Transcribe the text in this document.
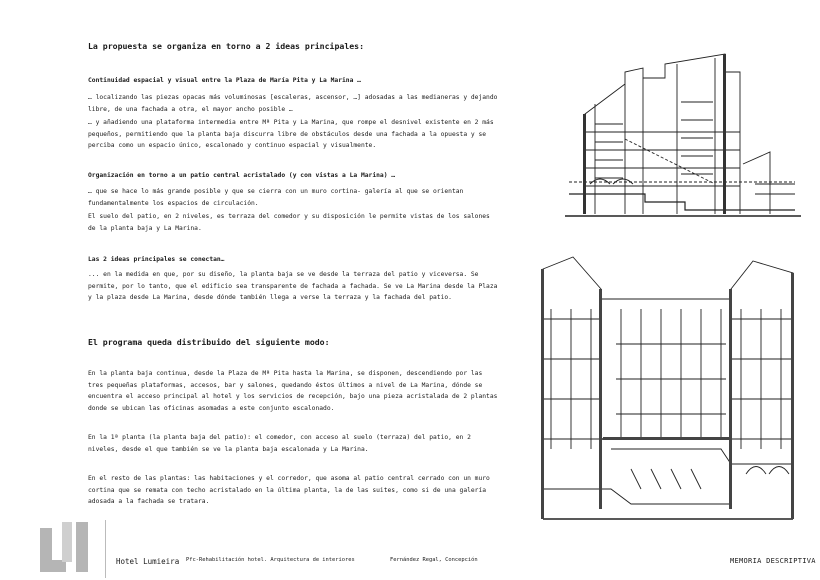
La propuesta se organiza en torno a 2 ideas principales:

Continuidad espacial y visual entre la Plaza de María Pita y La Marina …

… localizando las piezas opacas más voluminosas [escaleras, ascensor, …] adosadas a las medianeras y dejando libre, de una fachada a otra, el mayor ancho posible …

… y añadiendo una plataforma intermedia entre Mª Pita y La Marina, que rompe el desnivel existente en 2 más pequeños, permitiendo que la planta baja discurra libre de obstáculos desde una fachada a la opuesta y se perciba como un espacio único, escalonado y continuo espacial y visualmente.

Organización en torno a un patio central acristalado (y con vistas a La Marina) …

… que se hace lo más grande posible y que se cierra con un muro cortina- galería al que se orientan fundamentalmente los espacios de circulación.

El suelo del patio, en 2 niveles, es terraza del comedor y su disposición le permite vistas de los salones de la planta baja y La Marina.

Las 2 ideas principales se conectan…

... en la medida en que, por su diseño, la planta baja se ve desde la terraza del patio y viceversa. Se permite, por lo tanto, que el edificio sea transparente de fachada a fachada. Se ve La Marina desde la Plaza y la plaza desde La Marina, desde dónde también llega a verse la terraza y la fachada del patio.

El programa queda distribuido del siguiente modo:

En la planta baja continua, desde la Plaza de Mª Pita hasta la Marina, se disponen, descendiendo por las tres pequeñas plataformas, accesos, bar y salones, quedando éstos últimos a nivel de La Marina, dónde se encuentra el acceso principal al hotel y los servicios de recepción, bajo una pieza acristalada de 2 plantas donde se ubican las oficinas asomadas a este conjunto escalonado.

En la 1ª planta (la planta baja del patio): el comedor, con acceso al suelo (terraza) del patio, en 2 niveles, desde el que también se ve la planta baja escalonada y La Marina.

En el resto de las plantas: las habitaciones y el corredor, que asoma al patio central cerrado con un muro cortina que se remata con techo acristalado en la última planta, la de las suites, como si de una galería adosada a la fachada se tratara.

Hotel Lumieira Pfc-Rehabilitación hotel. Arquitectura de interiores	Fernández Regal, Concepción	MEMORIA DESCRIPTIVA
